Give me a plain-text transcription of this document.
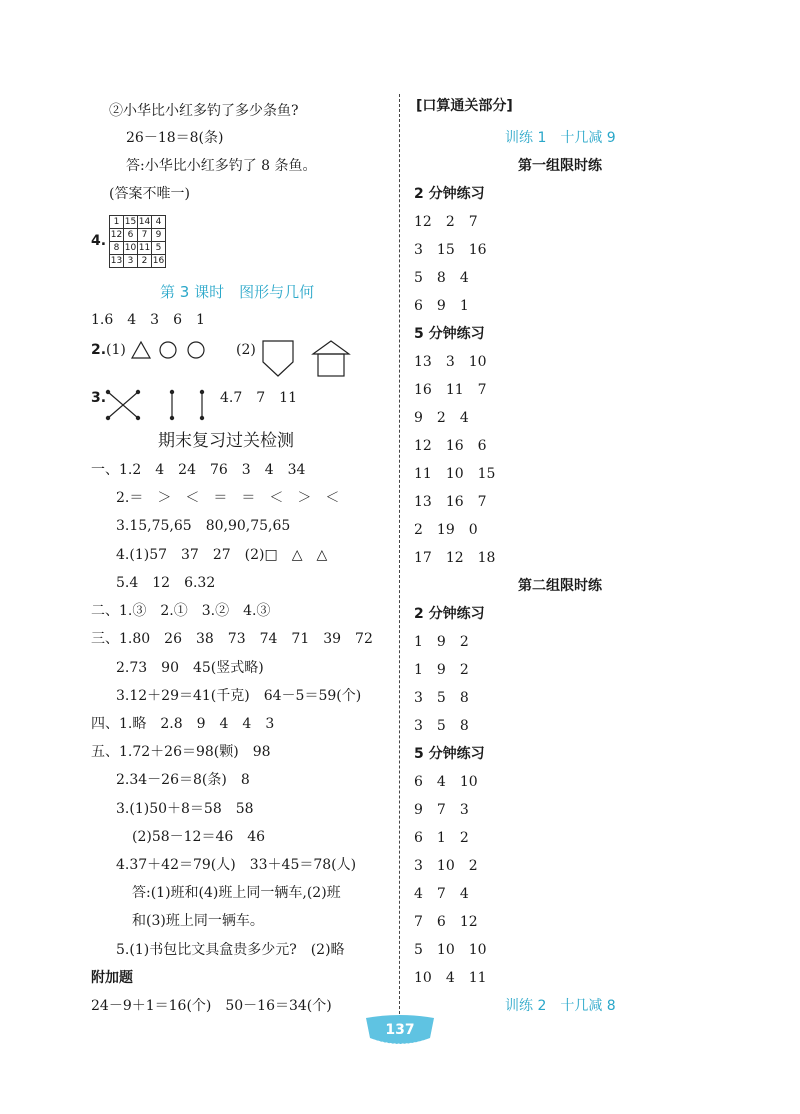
②小华比小红多钓了多少条鱼?
26－18＝8(条)
答:小华比小红多钓了 8 条鱼。
(答案不唯一)
4.
1	15	14	4
12	6	7	9
8	10	11	5
13	3	2	16
第 3 课时　图形与几何
1.6　4　3　6　1
2. (1)	(2)
3.	4.7　7　11
期末复习过关检测
一、1.2　4　24　76　3　4　34
2.＝　＞　＜　＝　＝　＜　＞　＜
3.15,75,65　80,90,75,65
4.(1)57　37　27　(2)□　△　△
5.4　12　6.32
二、1.③　2.①　3.②　4.③
三、1.80　26　38　73　74　71　39　72
2.73　90　45(竖式略)
3.12＋29＝41(千克)　64－5＝59(个)
四、1.略　2.8　9　4　4　3
五、1.72＋26＝98(颗)　98
2.34－26＝8(条)　8
3.(1)50＋8＝58　58
(2)58－12＝46　46
4.37＋42＝79(人)　33＋45＝78(人)
答:(1)班和(4)班上同一辆车,(2)班
和(3)班上同一辆车。
5.(1)书包比文具盒贵多少元?　(2)略
附加题
24－9＋1＝16(个)　50－16＝34(个)
[口算通关部分]
训练 1　十几减 9
第一组限时练
2 分钟练习
12　2　7
3　15　16
5　8　4
6　9　1
5 分钟练习
13　3　10
16　11　7
9　2　4
12　16　6
11　10　15
13　16　7
2　19　0
17　12　18
第二组限时练
2 分钟练习
1　9　2
1　9　2
3　5　8
3　5　8
5 分钟练习
6　4　10
9　7　3
6　1　2
3　10　2
4　7　4
7　6　12
5　10　10
10　4　11
训练 2　十几减 8
137
